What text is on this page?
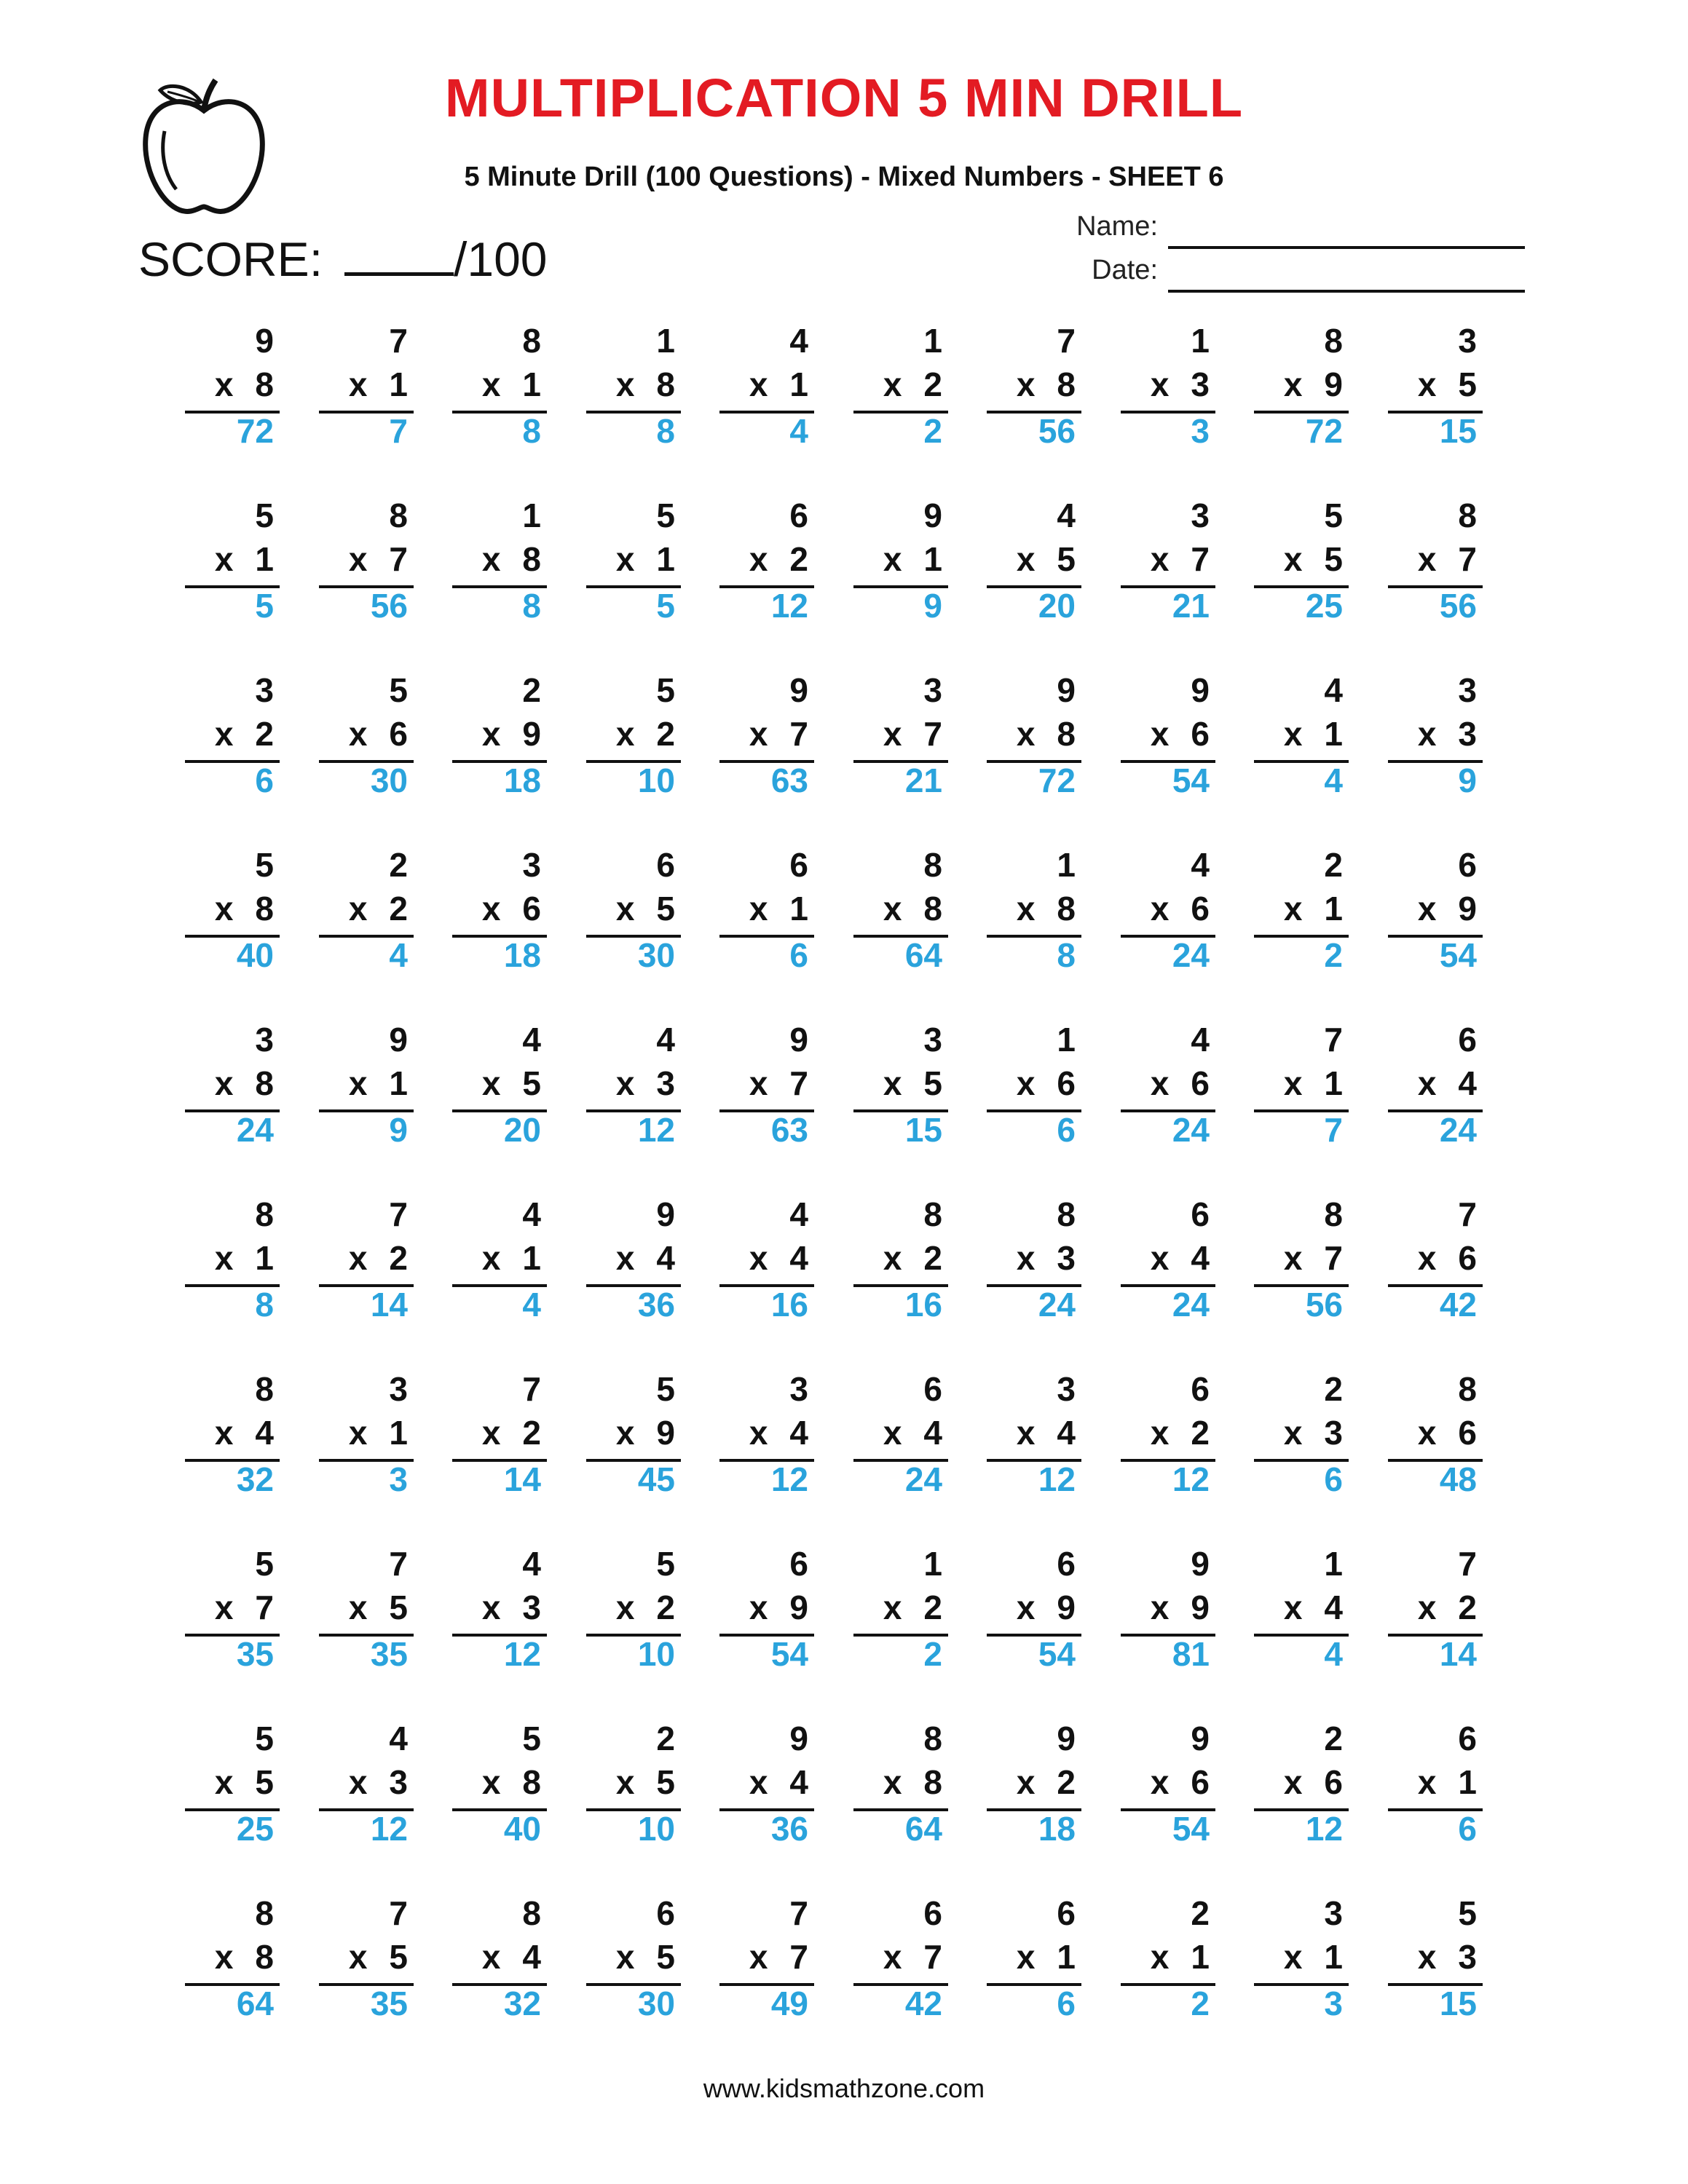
MULTIPLICATION 5 MIN DRILL
5 Minute Drill (100 Questions) - Mixed Numbers - SHEET 6
SCORE:	/100
Name:
Date:
9
x 8
72
7
x 1
7
8
x 1
8
1
x 8
8
4
x 1
4
1
x 2
2
7
x 8
56
1
x 3
3
8
x 9
72
3
x 5
15
5
x 1
5
8
x 7
56
1
x 8
8
5
x 1
5
6
x 2
12
9
x 1
9
4
x 5
20
3
x 7
21
5
x 5
25
8
x 7
56
3
x 2
6
5
x 6
30
2
x 9
18
5
x 2
10
9
x 7
63
3
x 7
21
9
x 8
72
9
x 6
54
4
x 1
4
3
x 3
9
5
x 8
40
2
x 2
4
3
x 6
18
6
x 5
30
6
x 1
6
8
x 8
64
1
x 8
8
4
x 6
24
2
x 1
2
6
x 9
54
3
x 8
24
9
x 1
9
4
x 5
20
4
x 3
12
9
x 7
63
3
x 5
15
1
x 6
6
4
x 6
24
7
x 1
7
6
x 4
24
8
x 1
8
7
x 2
14
4
x 1
4
9
x 4
36
4
x 4
16
8
x 2
16
8
x 3
24
6
x 4
24
8
x 7
56
7
x 6
42
8
x 4
32
3
x 1
3
7
x 2
14
5
x 9
45
3
x 4
12
6
x 4
24
3
x 4
12
6
x 2
12
2
x 3
6
8
x 6
48
5
x 7
35
7
x 5
35
4
x 3
12
5
x 2
10
6
x 9
54
1
x 2
2
6
x 9
54
9
x 9
81
1
x 4
4
7
x 2
14
5
x 5
25
4
x 3
12
5
x 8
40
2
x 5
10
9
x 4
36
8
x 8
64
9
x 2
18
9
x 6
54
2
x 6
12
6
x 1
6
8
x 8
64
7
x 5
35
8
x 4
32
6
x 5
30
7
x 7
49
6
x 7
42
6
x 1
6
2
x 1
2
3
x 1
3
5
x 3
15
www.kidsmathzone.com
